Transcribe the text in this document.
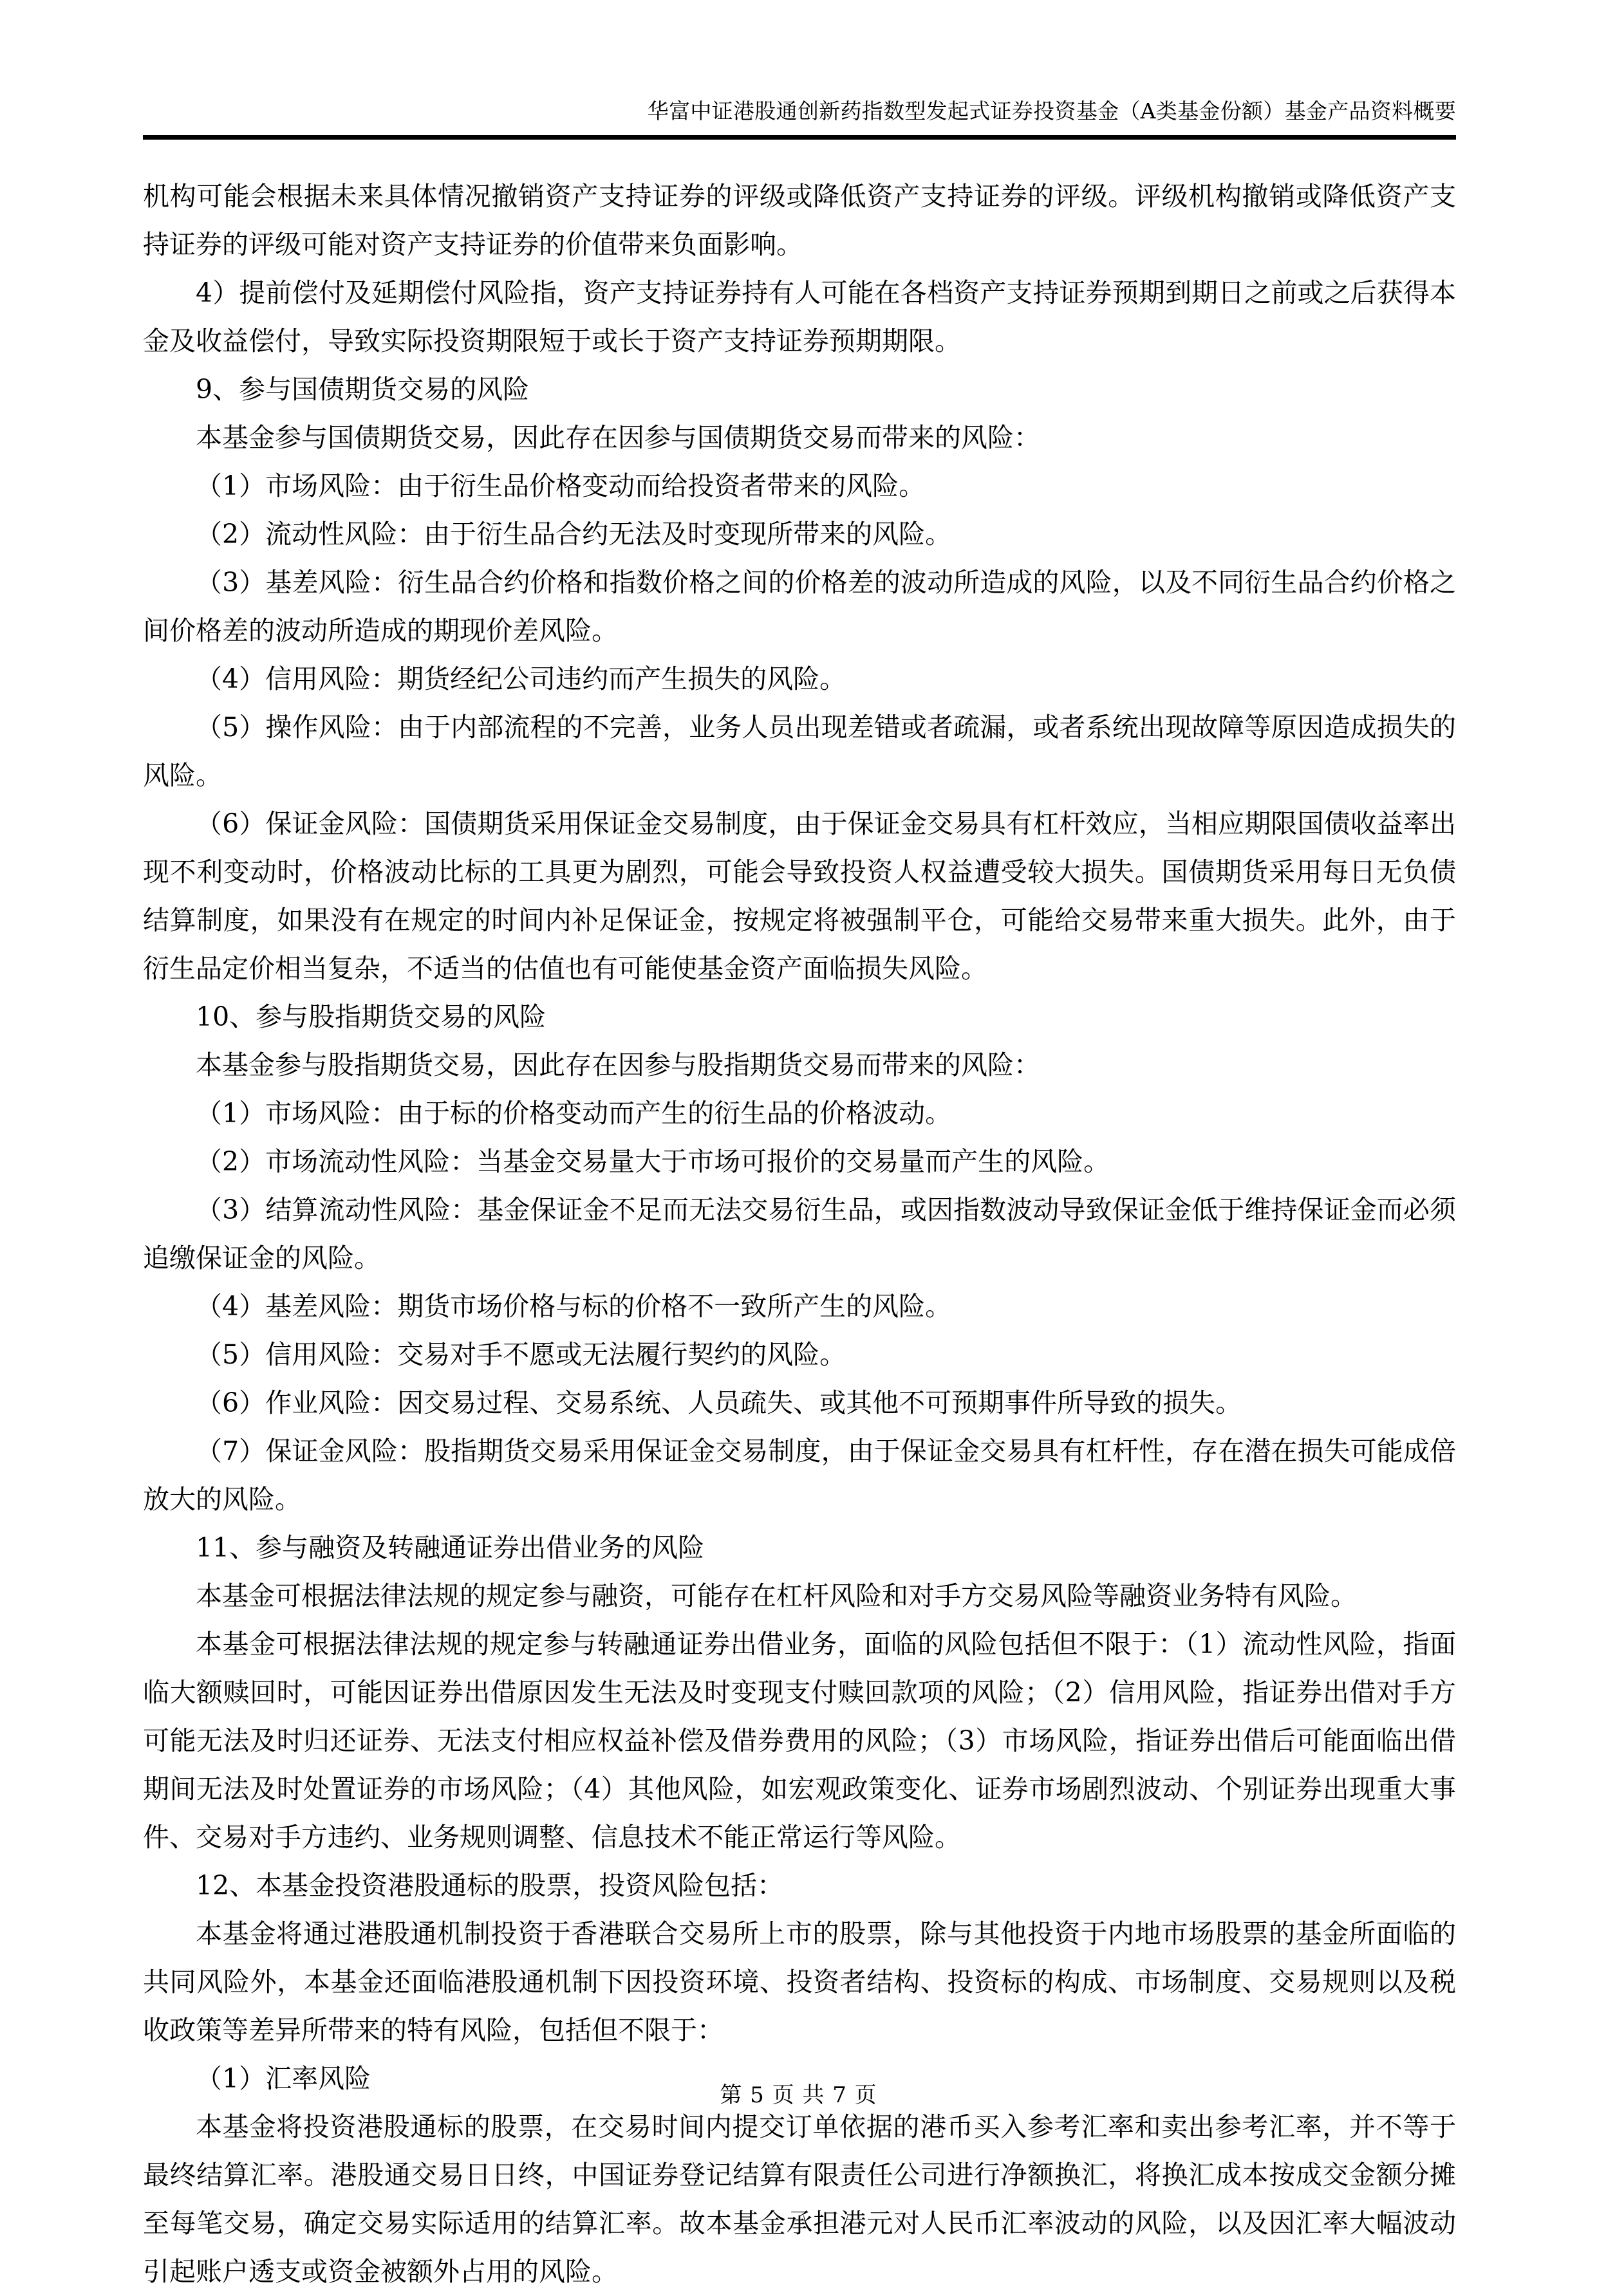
华富中证港股通创新药指数型发起式证券投资基金（A类基金份额）基金产品资料概要

机构可能会根据未来具体情况撤销资产支持证券的评级或降低资产支持证券的评级。评级机构撤销或降低资产支持证券的评级可能对资产支持证券的价值带来负面影响。

4）提前偿付及延期偿付风险指，资产支持证券持有人可能在各档资产支持证券预期到期日之前或之后获得本金及收益偿付，导致实际投资期限短于或长于资产支持证券预期期限。

9、参与国债期货交易的风险

本基金参与国债期货交易，因此存在因参与国债期货交易而带来的风险：

（1）市场风险：由于衍生品价格变动而给投资者带来的风险。

（2）流动性风险：由于衍生品合约无法及时变现所带来的风险。

（3）基差风险：衍生品合约价格和指数价格之间的价格差的波动所造成的风险，以及不同衍生品合约价格之间价格差的波动所造成的期现价差风险。

（4）信用风险：期货经纪公司违约而产生损失的风险。

（5）操作风险：由于内部流程的不完善，业务人员出现差错或者疏漏，或者系统出现故障等原因造成损失的风险。

（6）保证金风险：国债期货采用保证金交易制度，由于保证金交易具有杠杆效应，当相应期限国债收益率出现不利变动时，价格波动比标的工具更为剧烈，可能会导致投资人权益遭受较大损失。国债期货采用每日无负债结算制度，如果没有在规定的时间内补足保证金，按规定将被强制平仓，可能给交易带来重大损失。此外，由于衍生品定价相当复杂，不适当的估值也有可能使基金资产面临损失风险。

10、参与股指期货交易的风险

本基金参与股指期货交易，因此存在因参与股指期货交易而带来的风险：

（1）市场风险：由于标的价格变动而产生的衍生品的价格波动。

（2）市场流动性风险：当基金交易量大于市场可报价的交易量而产生的风险。

（3）结算流动性风险：基金保证金不足而无法交易衍生品，或因指数波动导致保证金低于维持保证金而必须追缴保证金的风险。

（4）基差风险：期货市场价格与标的价格不一致所产生的风险。

（5）信用风险：交易对手不愿或无法履行契约的风险。

（6）作业风险：因交易过程、交易系统、人员疏失、或其他不可预期事件所导致的损失。

（7）保证金风险：股指期货交易采用保证金交易制度，由于保证金交易具有杠杆性，存在潜在损失可能成倍放大的风险。

11、参与融资及转融通证券出借业务的风险

本基金可根据法律法规的规定参与融资，可能存在杠杆风险和对手方交易风险等融资业务特有风险。

本基金可根据法律法规的规定参与转融通证券出借业务，面临的风险包括但不限于：（1）流动性风险，指面临大额赎回时，可能因证券出借原因发生无法及时变现支付赎回款项的风险；（2）信用风险，指证券出借对手方可能无法及时归还证券、无法支付相应权益补偿及借券费用的风险；（3）市场风险，指证券出借后可能面临出借期间无法及时处置证券的市场风险；（4）其他风险，如宏观政策变化、证券市场剧烈波动、个别证券出现重大事件、交易对手方违约、业务规则调整、信息技术不能正常运行等风险。

12、本基金投资港股通标的股票，投资风险包括：

本基金将通过港股通机制投资于香港联合交易所上市的股票，除与其他投资于内地市场股票的基金所面临的共同风险外，本基金还面临港股通机制下因投资环境、投资者结构、投资标的构成、市场制度、交易规则以及税收政策等差异所带来的特有风险，包括但不限于：

（1）汇率风险

本基金将投资港股通标的股票，在交易时间内提交订单依据的港币买入参考汇率和卖出参考汇率，并不等于最终结算汇率。港股通交易日日终，中国证券登记结算有限责任公司进行净额换汇，将换汇成本按成交金额分摊至每笔交易，确定交易实际适用的结算汇率。故本基金承担港元对人民币汇率波动的风险，以及因汇率大幅波动引起账户透支或资金被额外占用的风险。

第 5 页 共 7 页
